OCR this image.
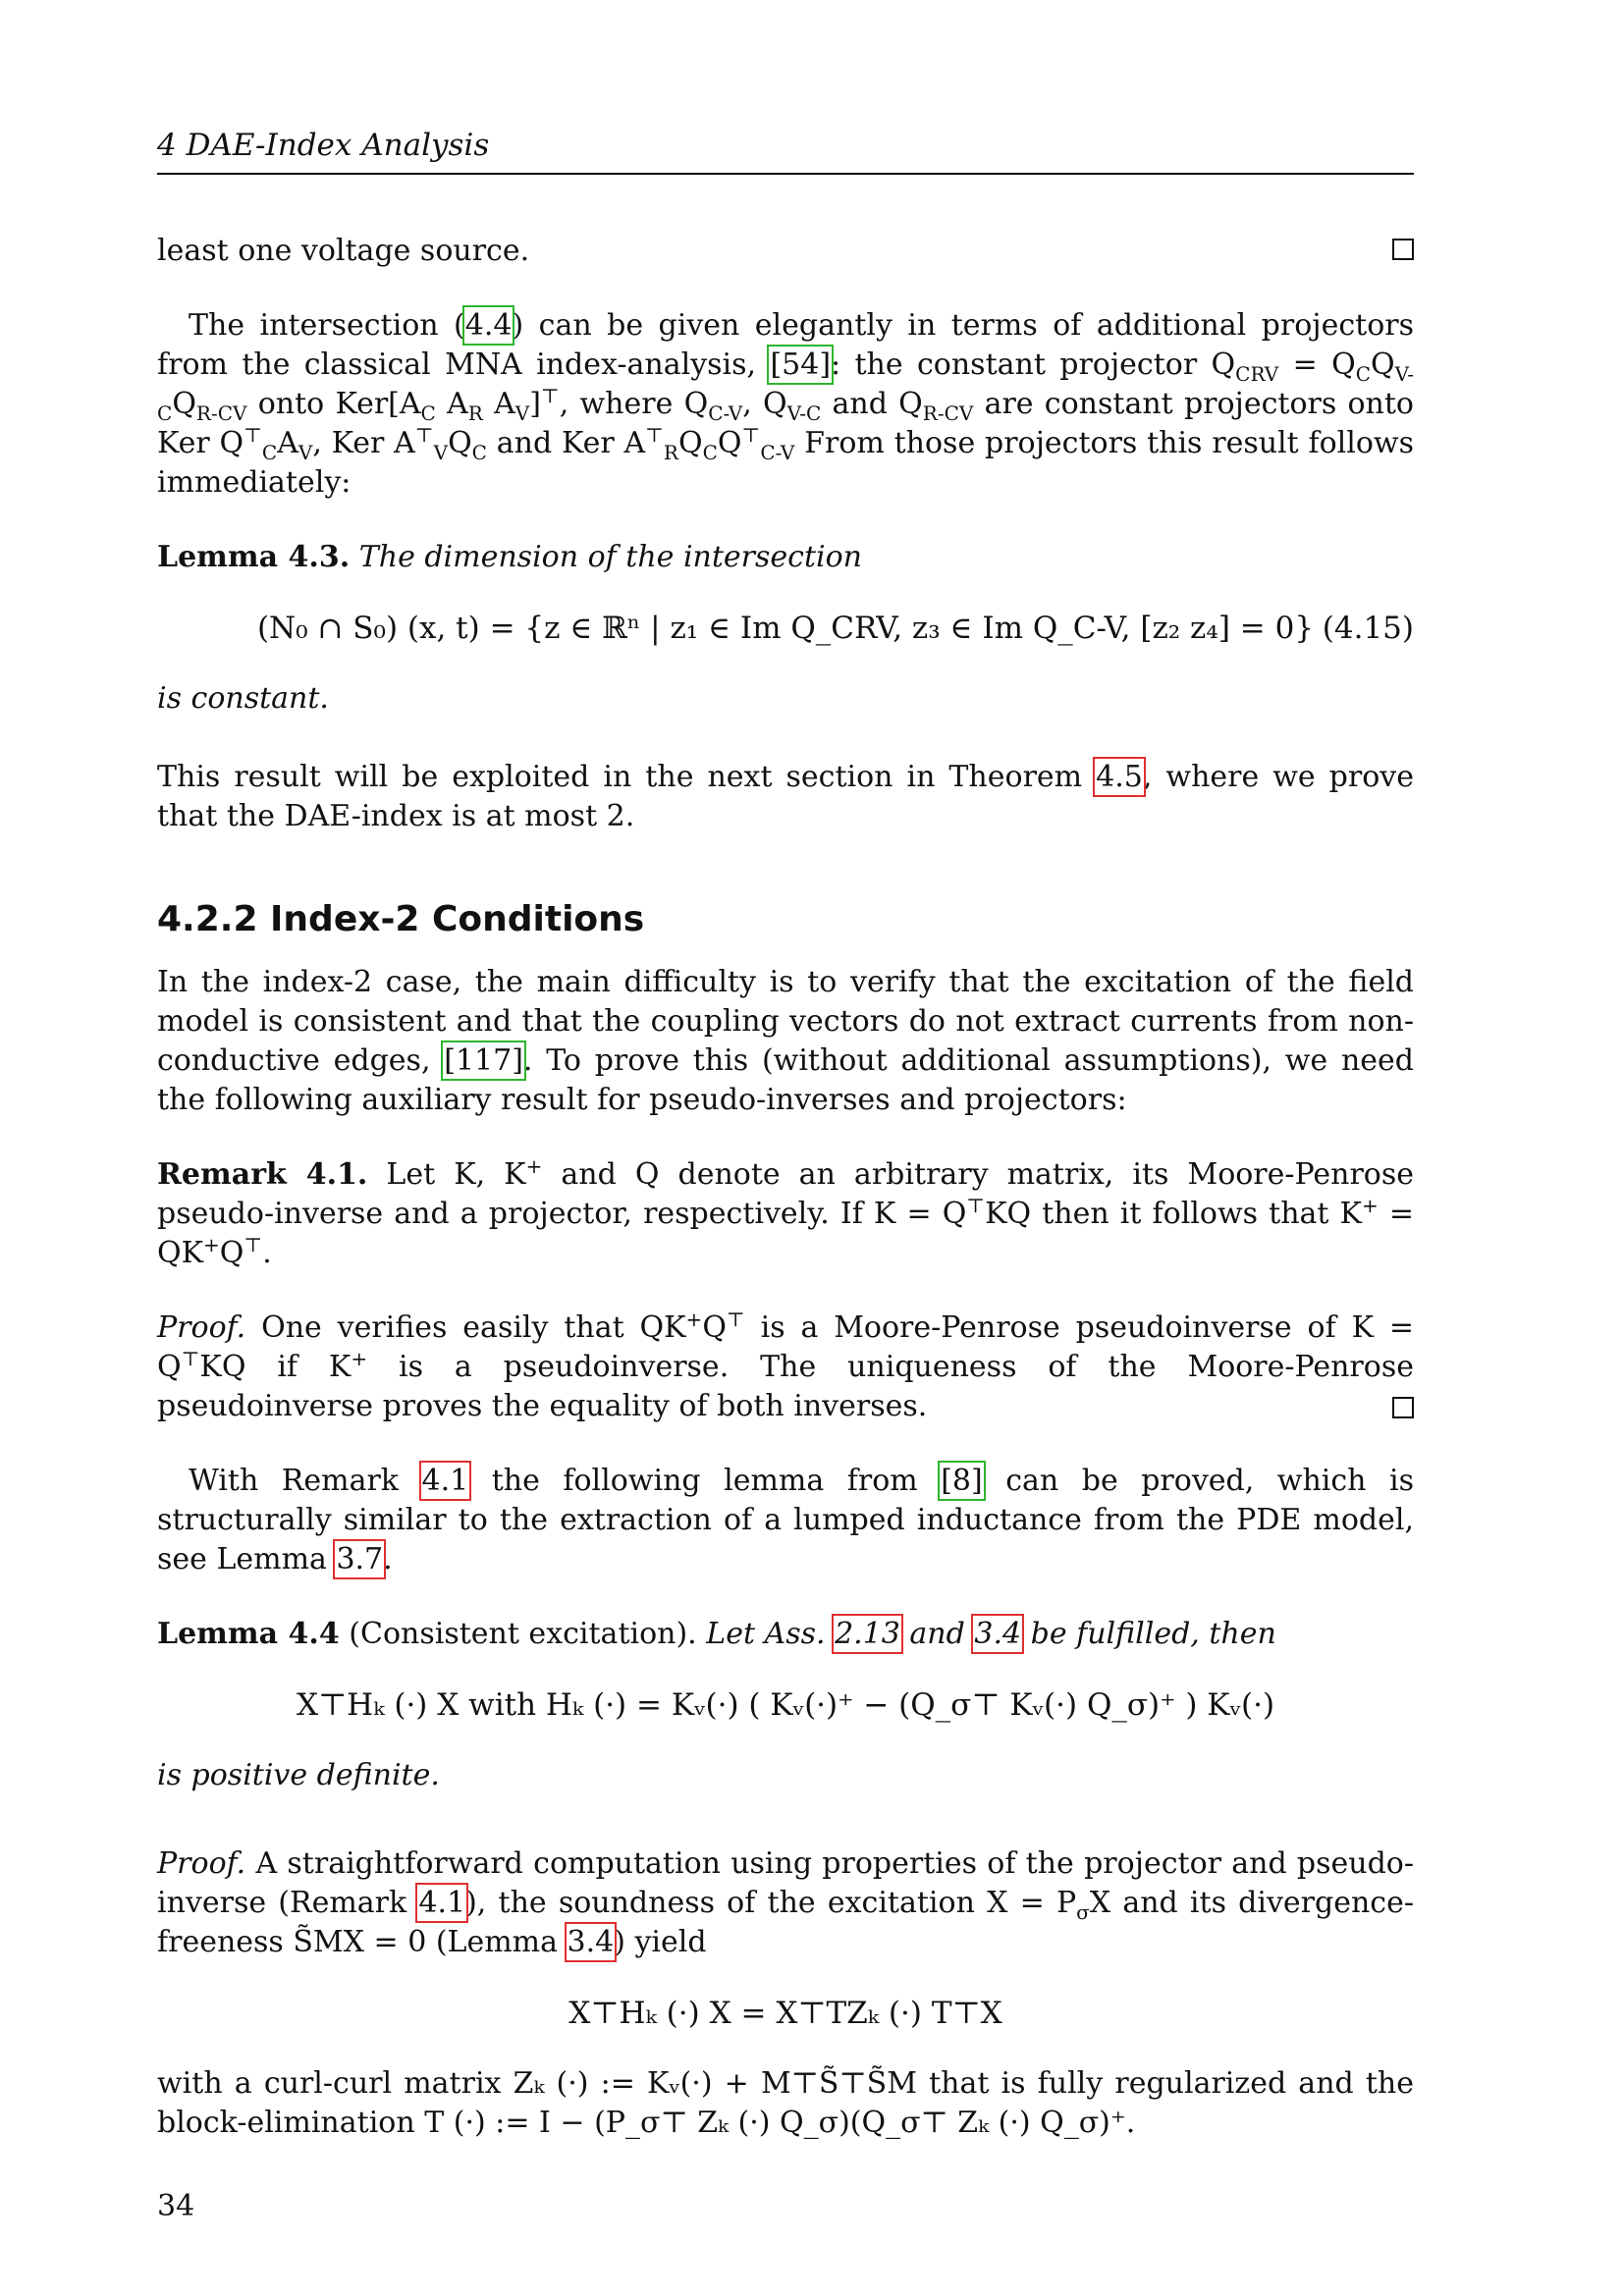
4 DAE-Index Analysis

least one voltage source.

The intersection (4.4) can be given elegantly in terms of additional projectors from the classical MNA index-analysis, [54]: the constant projector $Q_{CRV} = Q_CQ_{V-C}Q_{R-CV}$ onto $Ker[A_C$ $A_R$ $A_V]^⊤$, where $Q_{C-V}$, $Q_{V-C}$ and $Q_{R-CV}$ are constant projectors onto Ker $Q^⊤_CA_V$, Ker $A^⊤_VQ_C$ and Ker $A^⊤_RQ_CQ^⊤_{C-V}$ From those projectors this result follows immediately:

Lemma 4.3. The dimension of the intersection

(N₀ ∩ S₀) (x, t) = {z ∈ ℝⁿ | z₁ ∈ Im Q_CRV, z₃ ∈ Im Q_C-V, [z₂ z₄] = 0} (4.15)

is constant.

This result will be exploited in the next section in Theorem 4.5, where we prove that the DAE-index is at most 2.

4.2.2 Index-2 Conditions

In the index-2 case, the main difficulty is to verify that the excitation of the field model is consistent and that the coupling vectors do not extract currents from non-conductive edges, [117]. To prove this (without additional assumptions), we need the following auxiliary result for pseudo-inverses and projectors:

Remark 4.1. Let K, K+ and Q denote an arbitrary matrix, its Moore-Penrose pseudo-inverse and a projector, respectively. If K = Q⊤KQ then it follows that K+ = QK+Q⊤.

Proof. One verifies easily that QK+Q⊤ is a Moore-Penrose pseudoinverse of K = Q⊤KQ if K+ is a pseudoinverse. The uniqueness of the Moore-Penrose pseudoinverse proves the equality of both inverses.

With Remark 4.1 the following lemma from [8] can be proved, which is structurally similar to the extraction of a lumped inductance from the PDE model, see Lemma 3.7.

Lemma 4.4 (Consistent excitation). Let Ass. 2.13 and 3.4 be fulfilled, then

X⊤Hₖ (·) X with Hₖ (·) = Kᵥ(·) ( Kᵥ(·)⁺ − (Q_σ⊤ Kᵥ(·) Q_σ)⁺ ) Kᵥ(·)

is positive definite.

Proof. A straightforward computation using properties of the projector and pseudo-inverse (Remark 4.1), the soundness of the excitation $X = P_\sigma X$ and its divergence-freeness S̃MX = 0 (Lemma 3.4) yield

X⊤Hₖ (·) X = X⊤TZₖ (·) T⊤X

with a curl-curl matrix Zₖ (·) := Kᵥ(·) + M⊤S̃⊤S̃M that is fully regularized and the block-elimination T (·) := I − (P_σ⊤ Zₖ (·) Q_σ)(Q_σ⊤ Zₖ (·) Q_σ)⁺.

34
